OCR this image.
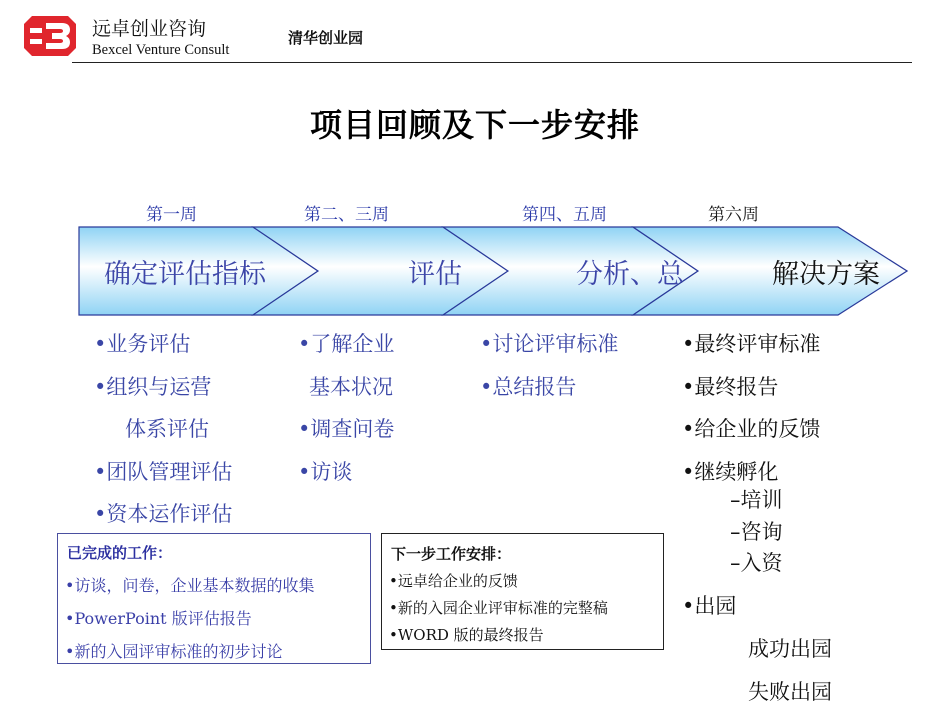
远卓创业咨询
Bexcel Venture Consult
清华创业园
项目回顾及下一步安排
第一周	第二、三周	第四、五周	第六周
确定评估指标	评估	分析、总	解决方案
•业务评估
•组织与运营
体系评估
•团队管理评估
•资本运作评估
•了解企业
基本状况
•调查问卷
•访谈
•讨论评审标准
•总结报告
•最终评审标准
•最终报告
•给企业的反馈
•继续孵化
–培训
–咨询
–入资
•出园
成功出园
失败出园
已完成的工作：
•访谈，问卷，企业基本数据的收集
•PowerPoint 版评估报告
•新的入园评审标准的初步讨论
下一步工作安排：
•远卓给企业的反馈
•新的入园企业评审标准的完整稿
•WORD 版的最终报告
